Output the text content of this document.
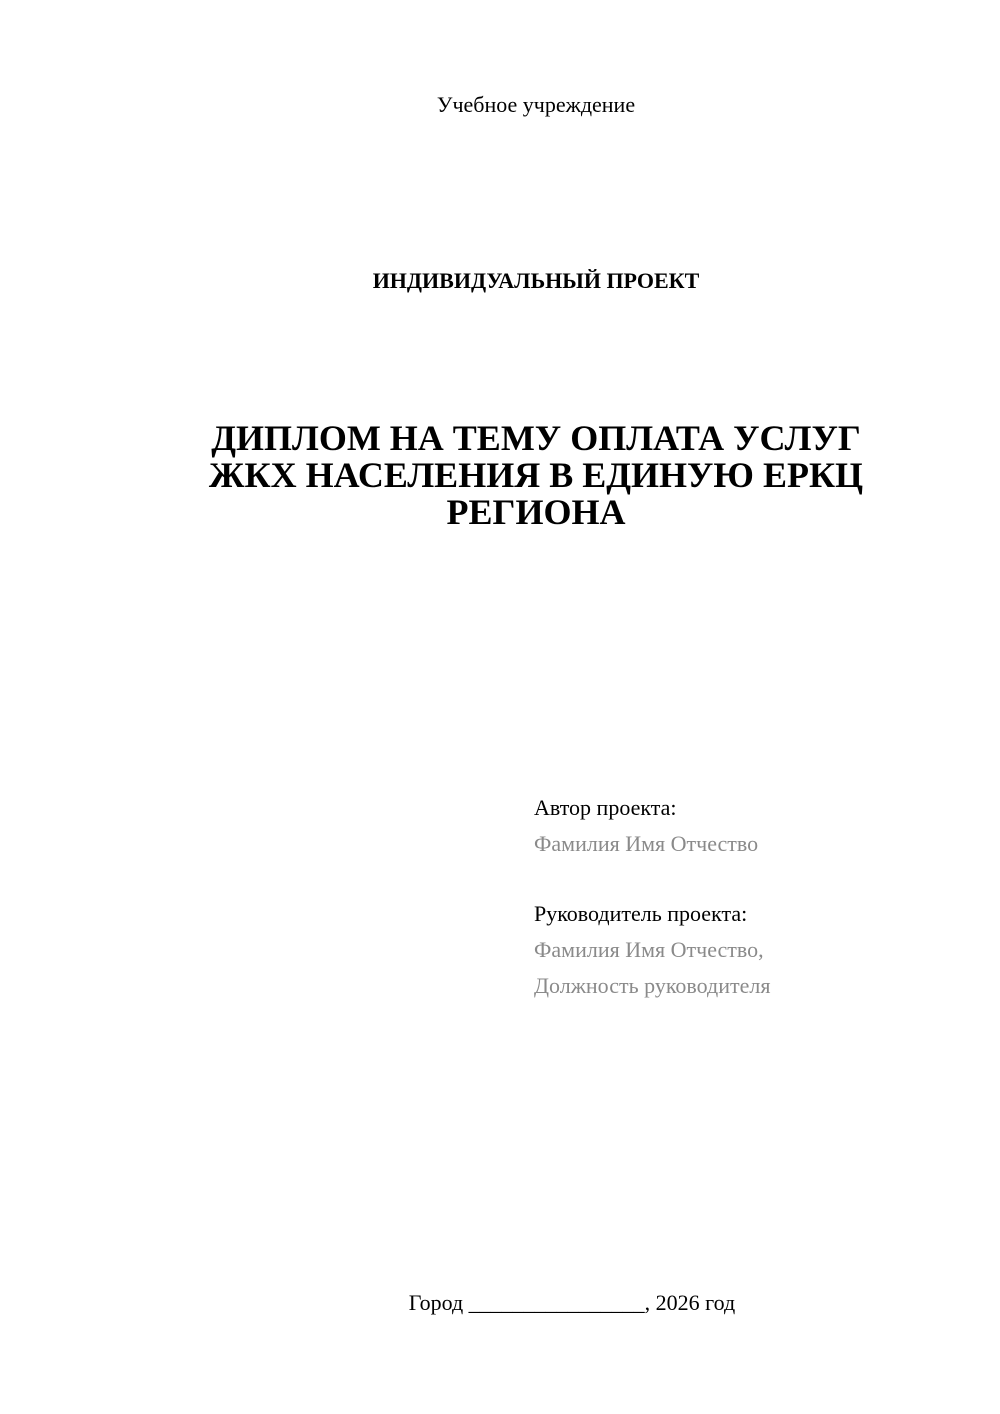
Учебное учреждение
ИНДИВИДУАЛЬНЫЙ ПРОЕКТ
ДИПЛОМ НА ТЕМУ ОПЛАТА УСЛУГ
ЖКХ НАСЕЛЕНИЯ В ЕДИНУЮ ЕРКЦ
РЕГИОНА
Автор проекта:
Фамилия Имя Отчество
Руководитель проекта:
Фамилия Имя Отчество,
Должность руководителя
Город ________________, 2026 год
